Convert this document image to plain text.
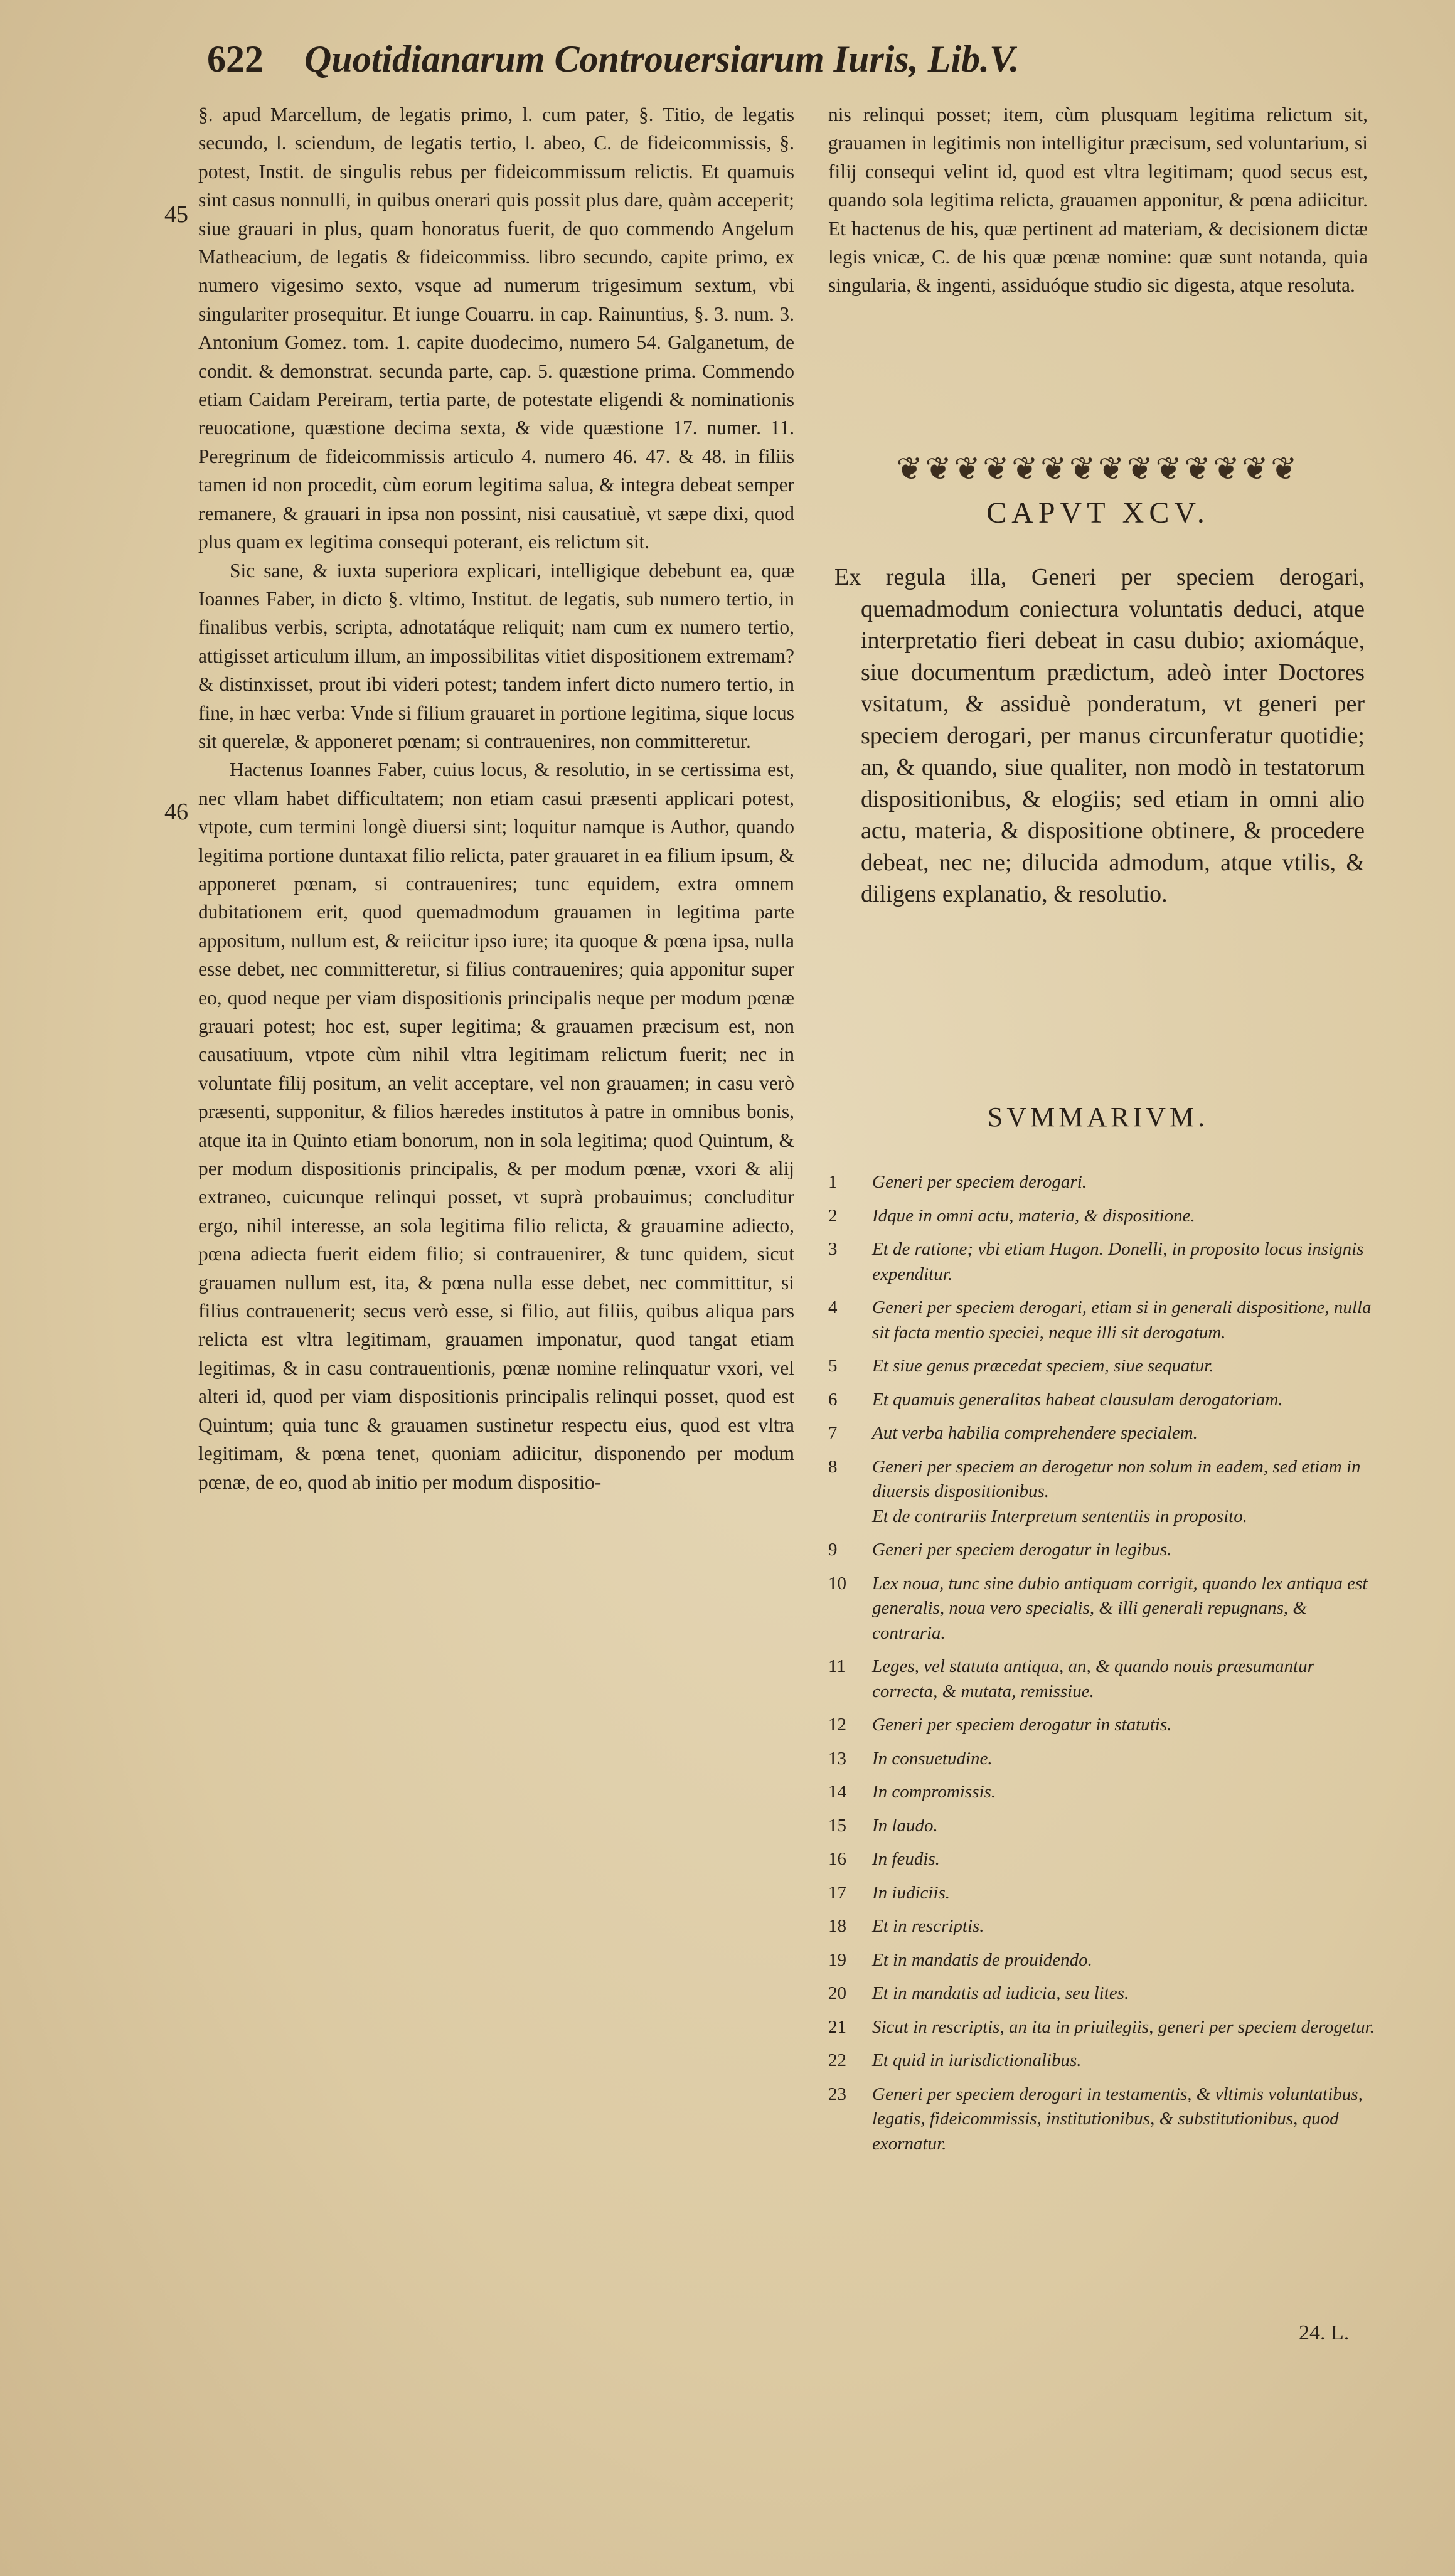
622 Quotidianarum Controuersiarum Iuris, Lib.V.
45
46

§. apud Marcellum, de legatis primo, l. cum pater, §. Titio, de legatis secundo, l. sciendum, de legatis tertio, l. abeo, C. de fideicommissis, §. potest, Instit. de singulis rebus per fideicommissum relictis. Et quamuis sint casus nonnulli, in quibus onerari quis possit plus dare, quàm acceperit; siue grauari in plus, quam honoratus fuerit, de quo commendo Angelum Matheacium, de legatis & fideicommiss. libro secundo, capite primo, ex numero vigesimo sexto, vsque ad numerum trigesimum sextum, vbi singulariter prosequitur. Et iunge Couarru. in cap. Rainuntius, §. 3. num. 3. Antonium Gomez. tom. 1. capite duodecimo, numero 54. Galganetum, de condit. & demonstrat. secunda parte, cap. 5. quæstione prima. Commendo etiam Caidam Pereiram, tertia parte, de potestate eligendi & nominationis reuocatione, quæstione decima sexta, & vide quæstione 17. numer. 11. Peregrinum de fideicommissis articulo 4. numero 46. 47. & 48. in filiis tamen id non procedit, cùm eorum legitima salua, & integra debeat semper remanere, & grauari in ipsa non possint, nisi causatiuè, vt sæpe dixi, quod plus quam ex legitima consequi poterant, eis relictum sit.

Sic sane, & iuxta superiora explicari, intelligique debebunt ea, quæ Ioannes Faber, in dicto §. vltimo, Institut. de legatis, sub numero tertio, in finalibus verbis, scripta, adnotatáque reliquit; nam cum ex numero tertio, attigisset articulum illum, an impossibilitas vitiet dispositionem extremam? & distinxisset, prout ibi videri potest; tandem infert dicto numero tertio, in fine, in hæc verba: Vnde si filium grauaret in portione legitima, sique locus sit querelæ, & apponeret pœnam; si contrauenires, non committeretur.

Hactenus Ioannes Faber, cuius locus, & resolutio, in se certissima est, nec vllam habet difficultatem; non etiam casui præsenti applicari potest, vtpote, cum termini longè diuersi sint; loquitur namque is Author, quando legitima portione duntaxat filio relicta, pater grauaret in ea filium ipsum, & apponeret pœnam, si contrauenires; tunc equidem, extra omnem dubitationem erit, quod quemadmodum grauamen in legitima parte appositum, nullum est, & reiicitur ipso iure; ita quoque & pœna ipsa, nulla esse debet, nec committeretur, si filius contrauenires; quia apponitur super eo, quod neque per viam dispositionis principalis neque per modum pœnæ grauari potest; hoc est, super legitima; & grauamen præcisum est, non causatiuum, vtpote cùm nihil vltra legitimam relictum fuerit; nec in voluntate filij positum, an velit acceptare, vel non grauamen; in casu verò præsenti, supponitur, & filios hæredes institutos à patre in omnibus bonis, atque ita in Quinto etiam bonorum, non in sola legitima; quod Quintum, & per modum dispositionis principalis, & per modum pœnæ, vxori & alij extraneo, cuicunque relinqui posset, vt suprà probauimus; concluditur ergo, nihil interesse, an sola legitima filio relicta, & grauamine adiecto, pœna adiecta fuerit eidem filio; si contrauenirer, & tunc quidem, sicut grauamen nullum est, ita, & pœna nulla esse debet, nec committitur, si filius contrauenerit; secus verò esse, si filio, aut filiis, quibus aliqua pars relicta est vltra legitimam, grauamen imponatur, quod tangat etiam legitimas, & in casu contrauentionis, pœnæ nomine relinquatur vxori, vel alteri id, quod per viam dispositionis principalis relinqui posset, quod est Quintum; quia tunc & grauamen sustinetur respectu eius, quod est vltra legitimam, & pœna tenet, quoniam adiicitur, disponendo per modum pœnæ, de eo, quod ab initio per modum dispositio-

nis relinqui posset; item, cùm plusquam legitima relictum sit, grauamen in legitimis non intelligitur præcisum, sed voluntarium, si filij consequi velint id, quod est vltra legitimam; quod secus est, quando sola legitima relicta, grauamen apponitur, & pœna adiicitur. Et hactenus de his, quæ pertinent ad materiam, & decisionem dictæ legis vnicæ, C. de his quæ pœnæ nomine: quæ sunt notanda, quia singularia, & ingenti, assiduóque studio sic digesta, atque resoluta.

❦❦❦❦❦❦❦❦❦❦❦❦❦❦
CAPVT XCV.
Ex regula illa, Generi per speciem derogari, quemadmodum coniectura voluntatis deduci, atque interpretatio fieri debeat in casu dubio; axiomáque, siue documentum prædictum, adeò inter Doctores vsitatum, & assiduè ponderatum, vt generi per speciem derogari, per manus circunferatur quotidie; an, & quando, siue qualiter, non modò in testatorum dispositionibus, & elogiis; sed etiam in omni alio actu, materia, & dispositione obtinere, & procedere debeat, nec ne; dilucida admodum, atque vtilis, & diligens explanatio, & resolutio.
SVMMARIVM.
1	Generi per speciem derogari.
2	Idque in omni actu, materia, & dispositione.
3	Et de ratione; vbi etiam Hugon. Donelli, in proposito locus insignis expenditur.
4	Generi per speciem derogari, etiam si in generali dispositione, nulla sit facta mentio speciei, neque illi sit derogatum.
5	Et siue genus præcedat speciem, siue sequatur.
6	Et quamuis generalitas habeat clausulam derogatoriam.
7	Aut verba habilia comprehendere specialem.
8	Generi per speciem an derogetur non solum in eadem, sed etiam in diuersis dispositionibus.
Et de contrariis Interpretum sententiis in proposito.
9	Generi per speciem derogatur in legibus.
10	Lex noua, tunc sine dubio antiquam corrigit, quando lex antiqua est generalis, noua vero specialis, & illi generali repugnans, & contraria.
11	Leges, vel statuta antiqua, an, & quando nouis præsumantur correcta, & mutata, remissiue.
12	Generi per speciem derogatur in statutis.
13	In consuetudine.
14	In compromissis.
15	In laudo.
16	In feudis.
17	In iudiciis.
18	Et in rescriptis.
19	Et in mandatis de prouidendo.
20	Et in mandatis ad iudicia, seu lites.
21	Sicut in rescriptis, an ita in priuilegiis, generi per speciem derogetur.
22	Et quid in iurisdictionalibus.
23	Generi per speciem derogari in testamentis, & vltimis voluntatibus, legatis, fideicommissis, institutionibus, & substitutionibus, quod exornatur.
24. L.
